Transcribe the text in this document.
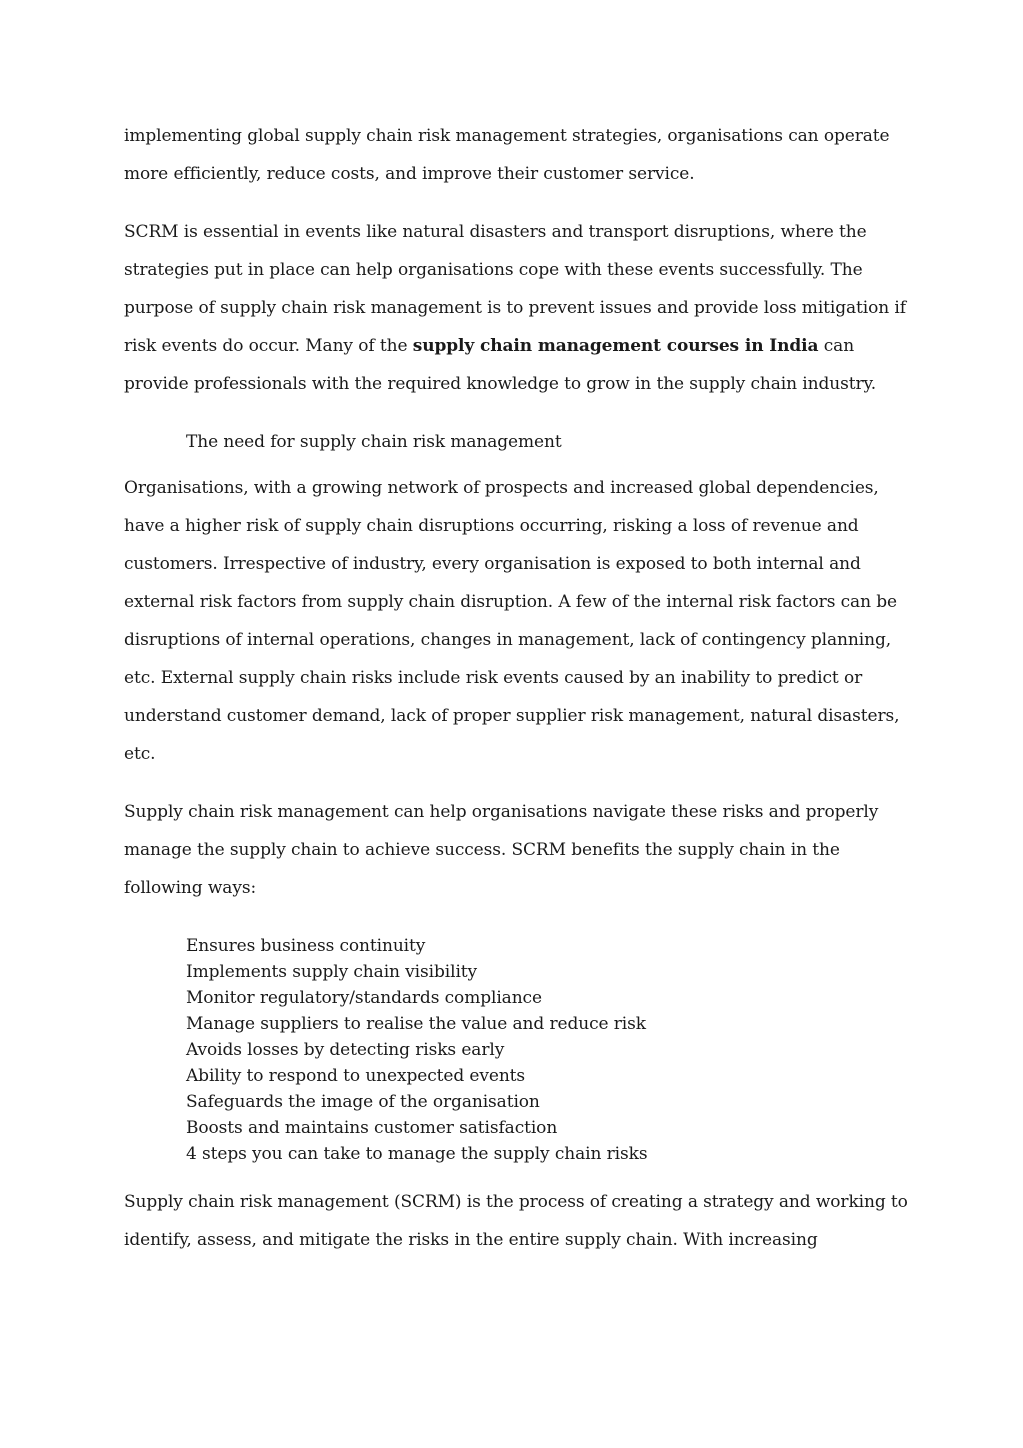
implementing global supply chain risk management strategies, organisations can operate more efficiently, reduce costs, and improve their customer service.

SCRM is essential in events like natural disasters and transport disruptions, where the strategies put in place can help organisations cope with these events successfully. The purpose of supply chain risk management is to prevent issues and provide loss mitigation if risk events do occur. Many of the supply chain management courses in India can provide professionals with the required knowledge to grow in the supply chain industry.

The need for supply chain risk management

Organisations, with a growing network of prospects and increased global dependencies, have a higher risk of supply chain disruptions occurring, risking a loss of revenue and customers. Irrespective of industry, every organisation is exposed to both internal and external risk factors from supply chain disruption. A few of the internal risk factors can be disruptions of internal operations, changes in management, lack of contingency planning, etc. External supply chain risks include risk events caused by an inability to predict or understand customer demand, lack of proper supplier risk management, natural disasters, etc.

Supply chain risk management can help organisations navigate these risks and properly manage the supply chain to achieve success. SCRM benefits the supply chain in the following ways:

Ensures business continuity
Implements supply chain visibility
Monitor regulatory/standards compliance
Manage suppliers to realise the value and reduce risk
Avoids losses by detecting risks early
Ability to respond to unexpected events
Safeguards the image of the organisation
Boosts and maintains customer satisfaction
4 steps you can take to manage the supply chain risks

Supply chain risk management (SCRM) is the process of creating a strategy and working to identify, assess, and mitigate the risks in the entire supply chain. With increasing
